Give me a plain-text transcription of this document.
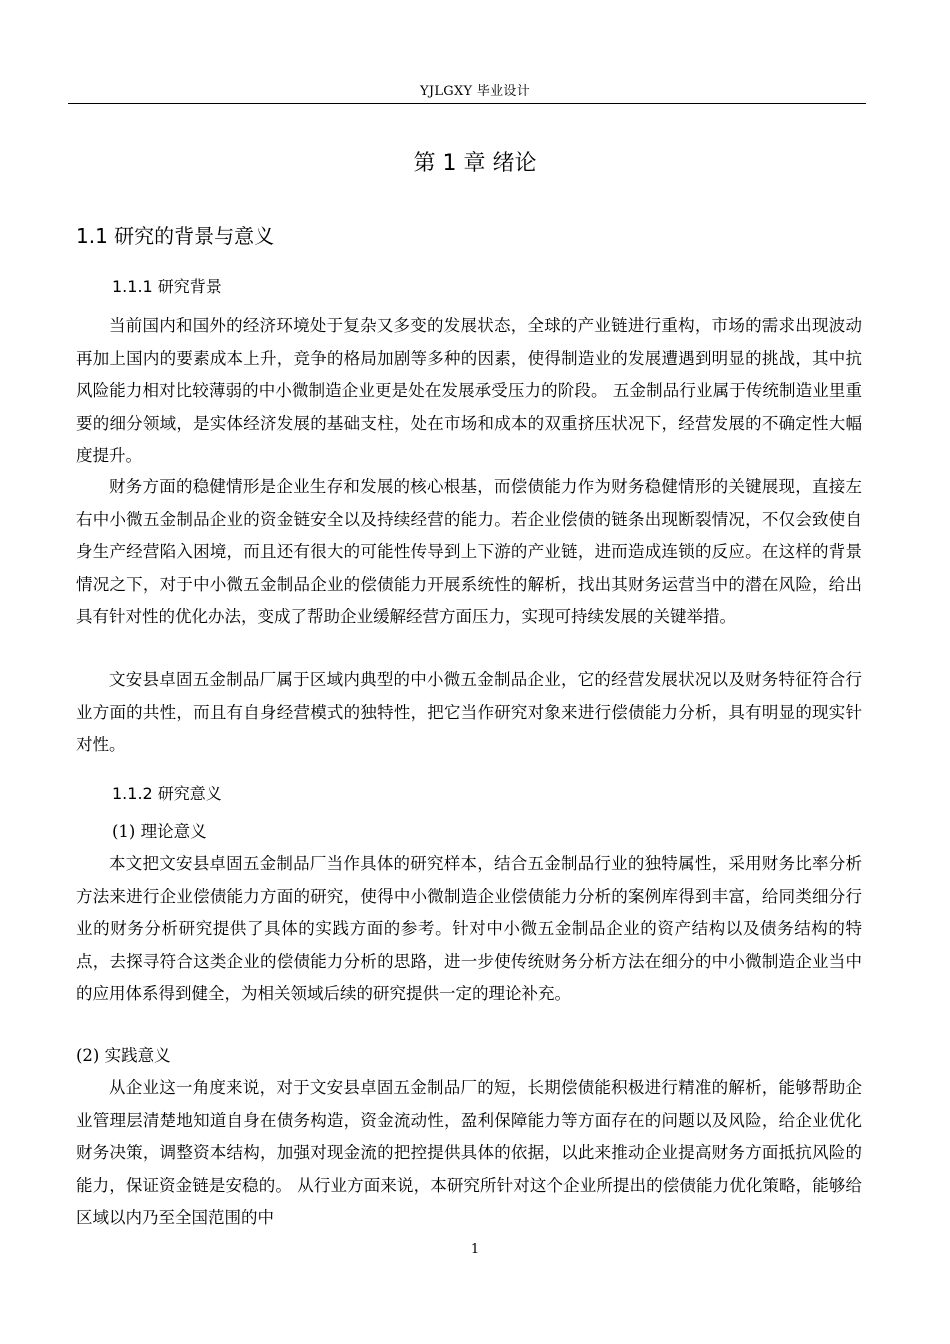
YJLGXY 毕业设计
第 1 章 绪论
1.1 研究的背景与意义
1.1.1 研究背景

当前国内和国外的经济环境处于复杂又多变的发展状态，全球的产业链进行重构，市场的需求出现波动再加上国内的要素成本上升，竞争的格局加剧等多种的因素，使得制造业的发展遭遇到明显的挑战，其中抗风险能力相对比较薄弱的中小微制造企业更是处在发展承受压力的阶段。 五金制品行业属于传统制造业里重要的细分领域，是实体经济发展的基础支柱，处在市场和成本的双重挤压状况下，经营发展的不确定性大幅度提升。

财务方面的稳健情形是企业生存和发展的核心根基，而偿债能力作为财务稳健情形的关键展现，直接左右中小微五金制品企业的资金链安全以及持续经营的能力。若企业偿债的链条出现断裂情况，不仅会致使自身生产经营陷入困境，而且还有很大的可能性传导到上下游的产业链，进而造成连锁的反应。在这样的背景情况之下，对于中小微五金制品企业的偿债能力开展系统性的解析，找出其财务运营当中的潜在风险，给出具有针对性的优化办法，变成了帮助企业缓解经营方面压力，实现可持续发展的关键举措。

文安县卓固五金制品厂属于区域内典型的中小微五金制品企业，它的经营发展状况以及财务特征符合行业方面的共性，而且有自身经营模式的独特性，把它当作研究对象来进行偿债能力分析，具有明显的现实针对性。

1.1.2 研究意义
(1) 理论意义

本文把文安县卓固五金制品厂当作具体的研究样本，结合五金制品行业的独特属性，采用财务比率分析方法来进行企业偿债能力方面的研究，使得中小微制造企业偿债能力分析的案例库得到丰富，给同类细分行业的财务分析研究提供了具体的实践方面的参考。针对中小微五金制品企业的资产结构以及债务结构的特点，去探寻符合这类企业的偿债能力分析的思路，进一步使传统财务分析方法在细分的中小微制造企业当中的应用体系得到健全，为相关领域后续的研究提供一定的理论补充。

(2) 实践意义

从企业这一角度来说，对于文安县卓固五金制品厂的短，长期偿债能积极进行精准的解析，能够帮助企业管理层清楚地知道自身在债务构造，资金流动性，盈利保障能力等方面存在的问题以及风险，给企业优化财务决策，调整资本结构，加强对现金流的把控提供具体的依据，以此来推动企业提高财务方面抵抗风险的能力，保证资金链是安稳的。 从行业方面来说，本研究所针对这个企业所提出的偿债能力优化策略，能够给区域以内乃至全国范围的中

1
